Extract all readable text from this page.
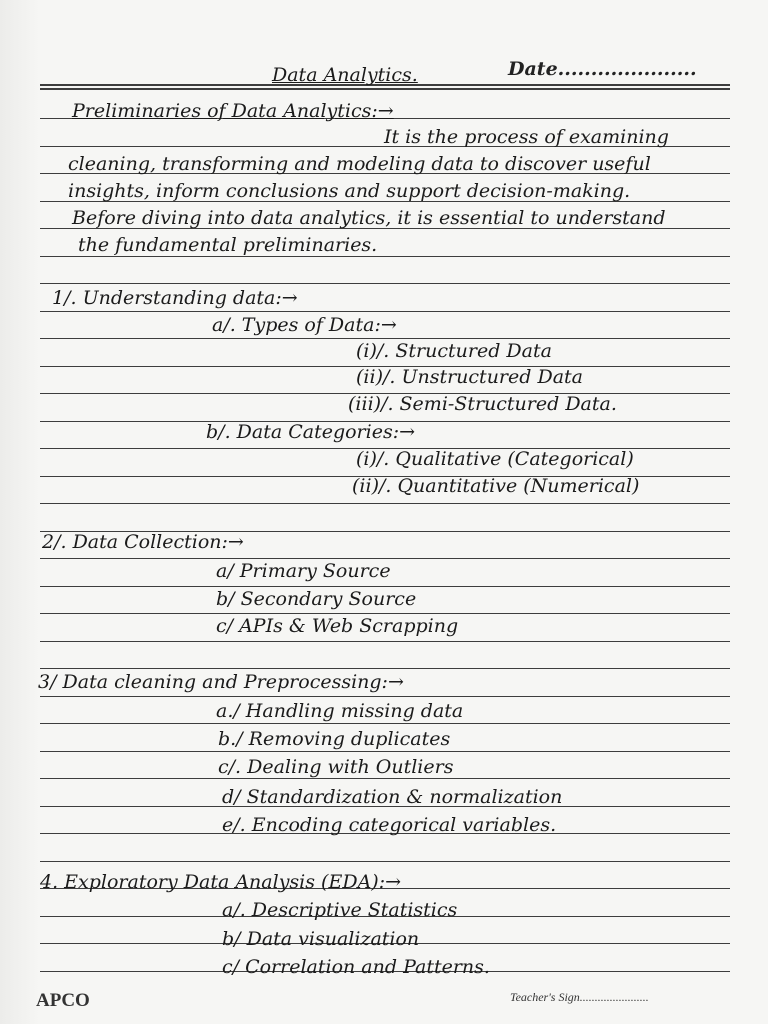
Data Analytics.	Date.....................
Preliminaries of Data Analytics:→
It is the process of examining
cleaning, transforming and modeling data to discover useful
insights, inform conclusions and support decision-making.
Before diving into data analytics, it is essential to understand
the fundamental preliminaries.
1/. Understanding data:→
a/. Types of Data:→
(i)/. Structured Data
(ii)/. Unstructured Data
(iii)/. Semi-Structured Data.
b/. Data Categories:→
(i)/. Qualitative (Categorical)
(ii)/. Quantitative (Numerical)
2/. Data Collection:→
a/ Primary Source
b/ Secondary Source
c/ APIs & Web Scrapping
3/ Data cleaning and Preprocessing:→
a./ Handling missing data
b./ Removing duplicates
c/. Dealing with Outliers
d/ Standardization & normalization
e/. Encoding categorical variables.
4. Exploratory Data Analysis (EDA):→
a/. Descriptive Statistics
b/ Data visualization
c/ Correlation and Patterns.
APCO	Teacher's Sign.......................
